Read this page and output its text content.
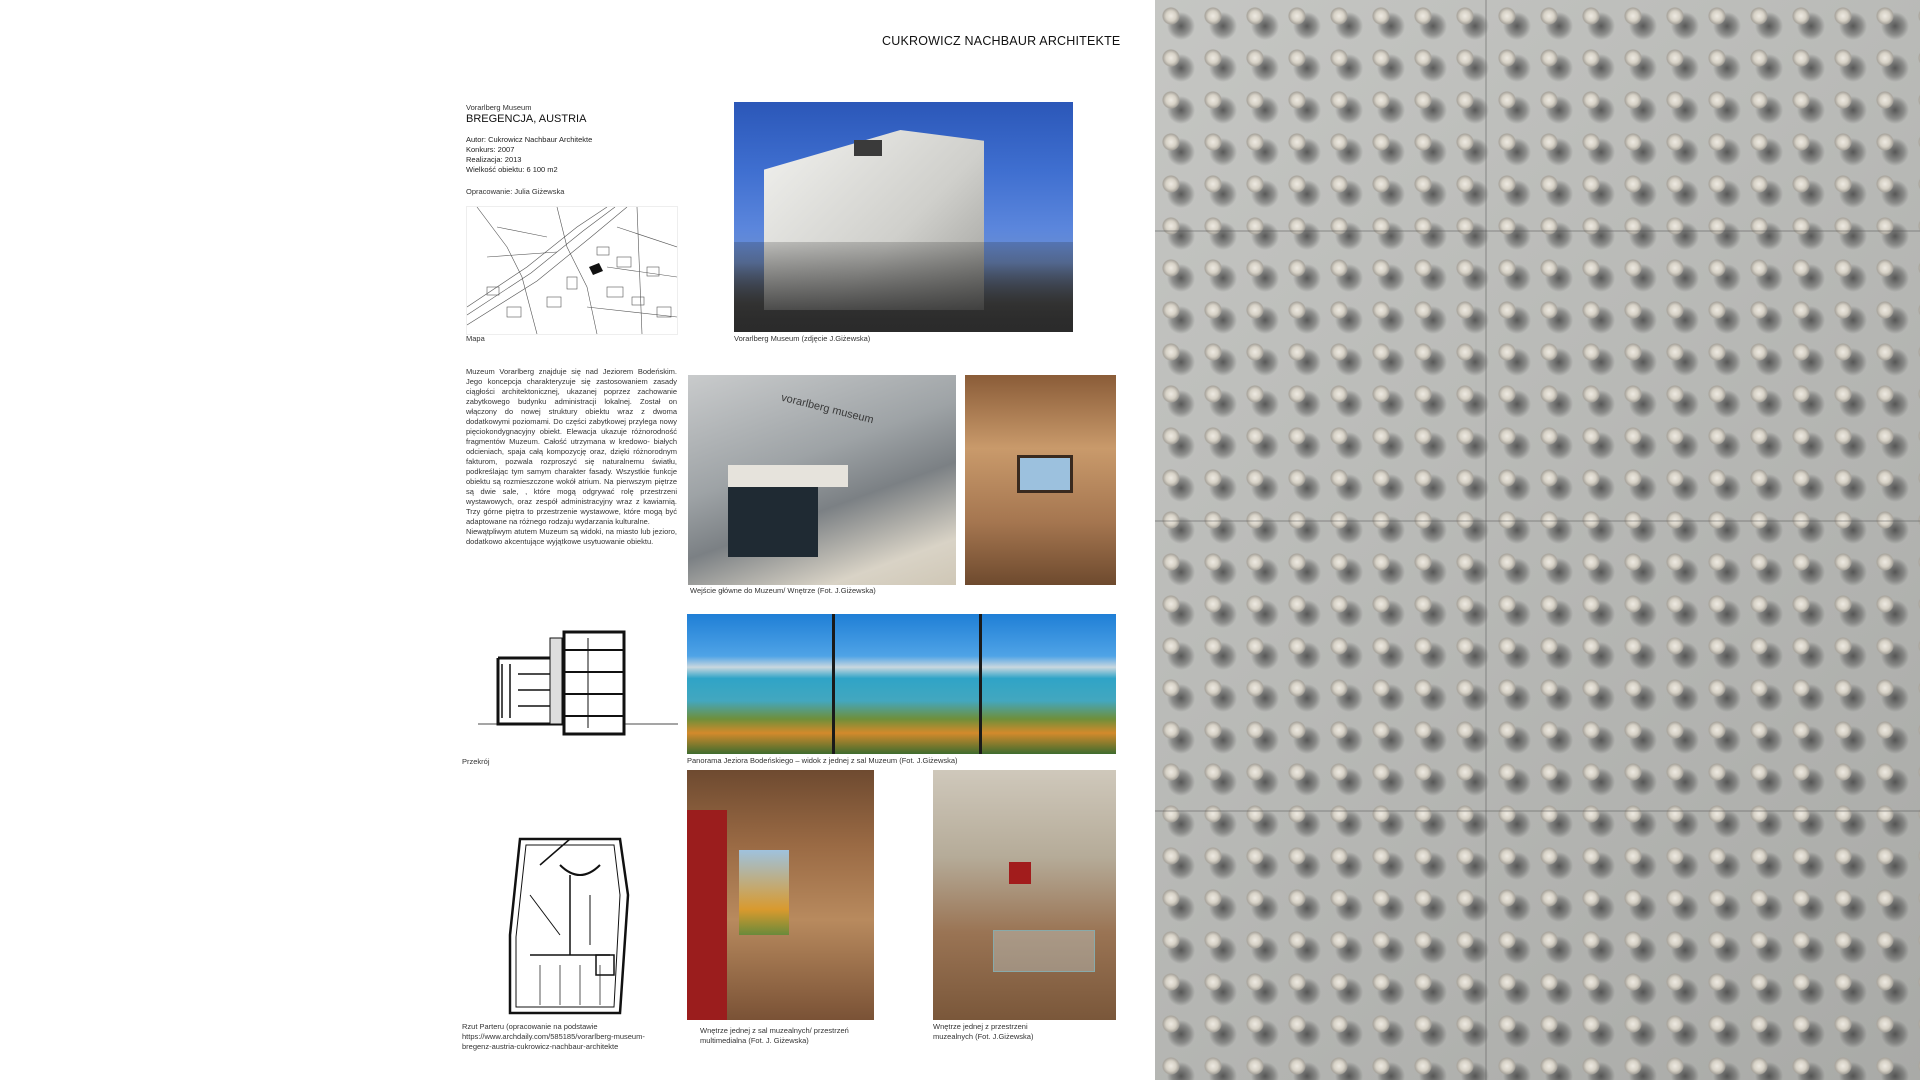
CUKROWICZ NACHBAUR ARCHITEKTE
Vorarlberg Museum
BREGENCJA, AUSTRIA
Autor: Cukrowicz Nachbaur Architekte
Konkurs: 2007
Realizacja: 2013
Wielkość obiektu: 6 100 m2
Opracowanie: Julia Giżewska
Mapa	Vorarlberg Museum (zdjęcie J.Giżewska)
Muzeum Vorarlberg znajduje się nad Jeziorem Bodeńskim. Jego koncepcja charakteryzuje się zastosowaniem zasady ciągłości architektonicznej, ukazanej poprzez zachowanie zabytkowego budynku administracji lokalnej. Został on włączony do nowej struktury obiektu wraz z dwoma dodatkowymi poziomami. Do części zabytkowej przylega nowy pięciokondygnacyjny obiekt. Elewacja ukazuje różnorodność fragmentów Muzeum. Całość utrzymana w kredowo- białych odcieniach, spaja całą kompozycję oraz, dzięki różnorodnym fakturom, pozwala rozproszyć się naturalnemu światłu, podkreślając tym samym charakter fasady. Wszystkie funkcje obiektu są rozmieszczone wokół atrium. Na pierwszym piętrze są dwie sale, , które mogą odgrywać rolę przestrzeni wystawowych, oraz zespół administracyjny wraz z kawiarnią. Trzy górne piętra to przestrzenie wystawowe, które mogą być adaptowane na różnego rodzaju wydarzania kulturalne.
Niewątpliwym atutem Muzeum są widoki, na miasto lub jezioro, dodatkowo akcentujące wyjątkowe usytuowanie obiektu.
vorarlberg museum
Wejście główne do Muzeum/ Wnętrze (Fot. J.Giżewska)
Przekrój	Panorama Jeziora Bodeńskiego – widok z jednej z sal Muzeum (Fot. J.Giżewska)
Rzut Parteru (opracowanie na podstawie
https://www.archdaily.com/585185/vorarlberg-museum-
bregenz-austria-cukrowicz-nachbaur-architekte
Wnętrze jednej z sal muzealnych/ przestrzeń
multimedialna (Fot. J. Giżewska)
Wnętrze jednej z przestrzeni
muzealnych (Fot. J.Giżewska)
